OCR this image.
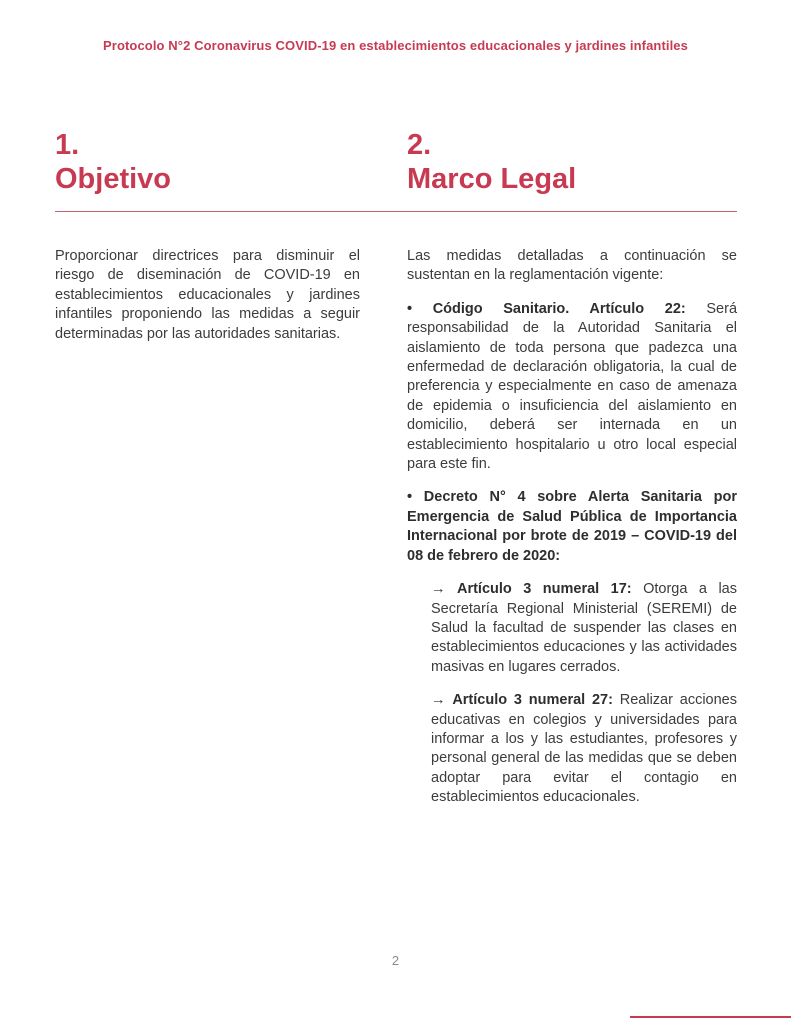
Protocolo N°2 Coronavirus COVID-19 en establecimientos educacionales y jardines infantiles
1.
Objetivo
2.
Marco Legal

Proporcionar directrices para disminuir el riesgo de diseminación de COVID-19 en establecimientos educacionales y jardines infantiles proponiendo las medidas a seguir determinadas por las autoridades sanitarias.

Las medidas detalladas a continuación se sustentan en la reglamentación vigente:

• Código Sanitario. Artículo 22: Será responsabilidad de la Autoridad Sanitaria el aislamiento de toda persona que padezca una enfermedad de declaración obligatoria, la cual de preferencia y especialmente en caso de amenaza de epidemia o insuficiencia del aislamiento en domicilio, deberá ser internada en un establecimiento hospitalario u otro local especial para este fin.

• Decreto N° 4 sobre Alerta Sanitaria por Emergencia de Salud Pública de Importancia Internacional por brote de 2019 – COVID-19 del 08 de febrero de 2020:

→ Artículo 3 numeral 17: Otorga a las Secretaría Regional Ministerial (SEREMI) de Salud la facultad de suspender las clases en establecimientos educaciones y las actividades masivas en lugares cerrados.

→ Artículo 3 numeral 27: Realizar acciones educativas en colegios y universidades para informar a los y las estudiantes, profesores y personal general de las medidas que se deben adoptar para evitar el contagio en establecimientos educacionales.

2
